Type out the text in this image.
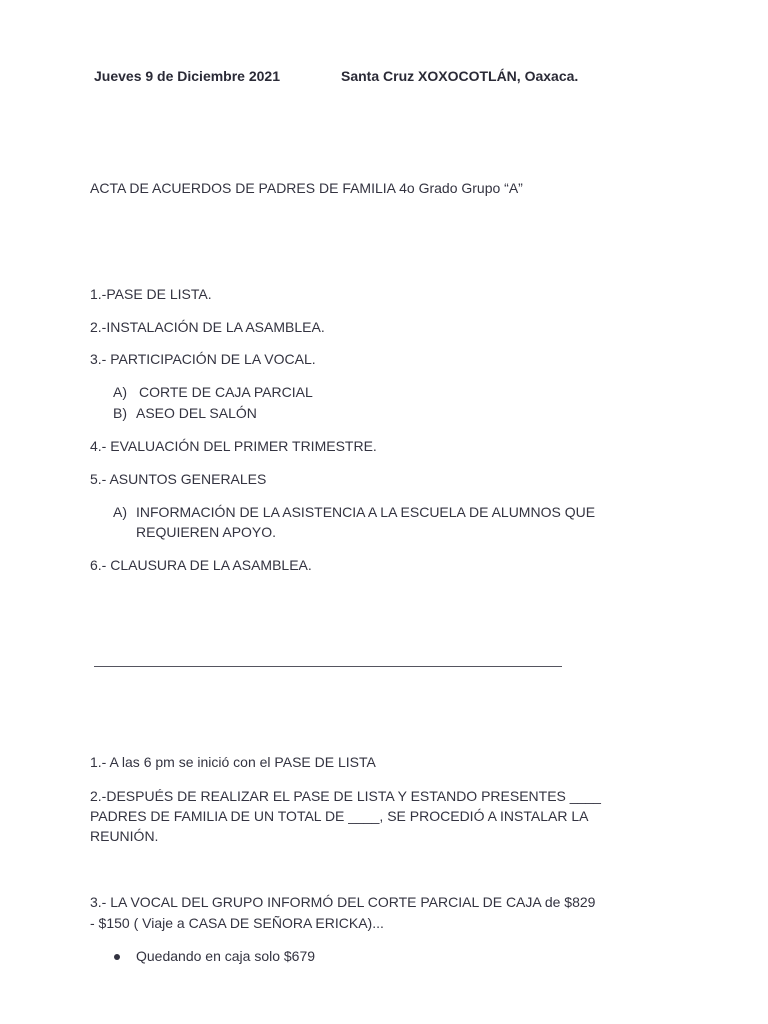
Jueves 9 de Diciembre 2021	Santa Cruz XOXOCOTLÁN, Oaxaca.
ACTA DE ACUERDOS DE PADRES DE FAMILIA 4o Grado Grupo “A”
1.-PASE DE LISTA.
2.-INSTALACIÓN DE LA ASAMBLEA.
3.- PARTICIPACIÓN DE LA VOCAL.
A) CORTE DE CAJA PARCIAL
B) ASEO DEL SALÓN
4.- EVALUACIÓN DEL PRIMER TRIMESTRE.
5.- ASUNTOS GENERALES
A) INFORMACIÓN DE LA ASISTENCIA A LA ESCUELA DE ALUMNOS QUE
REQUIEREN APOYO.
6.- CLAUSURA DE LA ASAMBLEA.
1.- A las 6 pm se inició con el PASE DE LISTA
2.-DESPUÉS DE REALIZAR EL PASE DE LISTA Y ESTANDO PRESENTES ____
PADRES DE FAMILIA DE UN TOTAL DE ____, SE PROCEDIÓ A INSTALAR LA
REUNIÓN.
3.- LA VOCAL DEL GRUPO INFORMÓ DEL CORTE PARCIAL DE CAJA de $829
- $150 ( Viaje a CASA DE SEÑORA ERICKA)...
Quedando en caja solo $679
